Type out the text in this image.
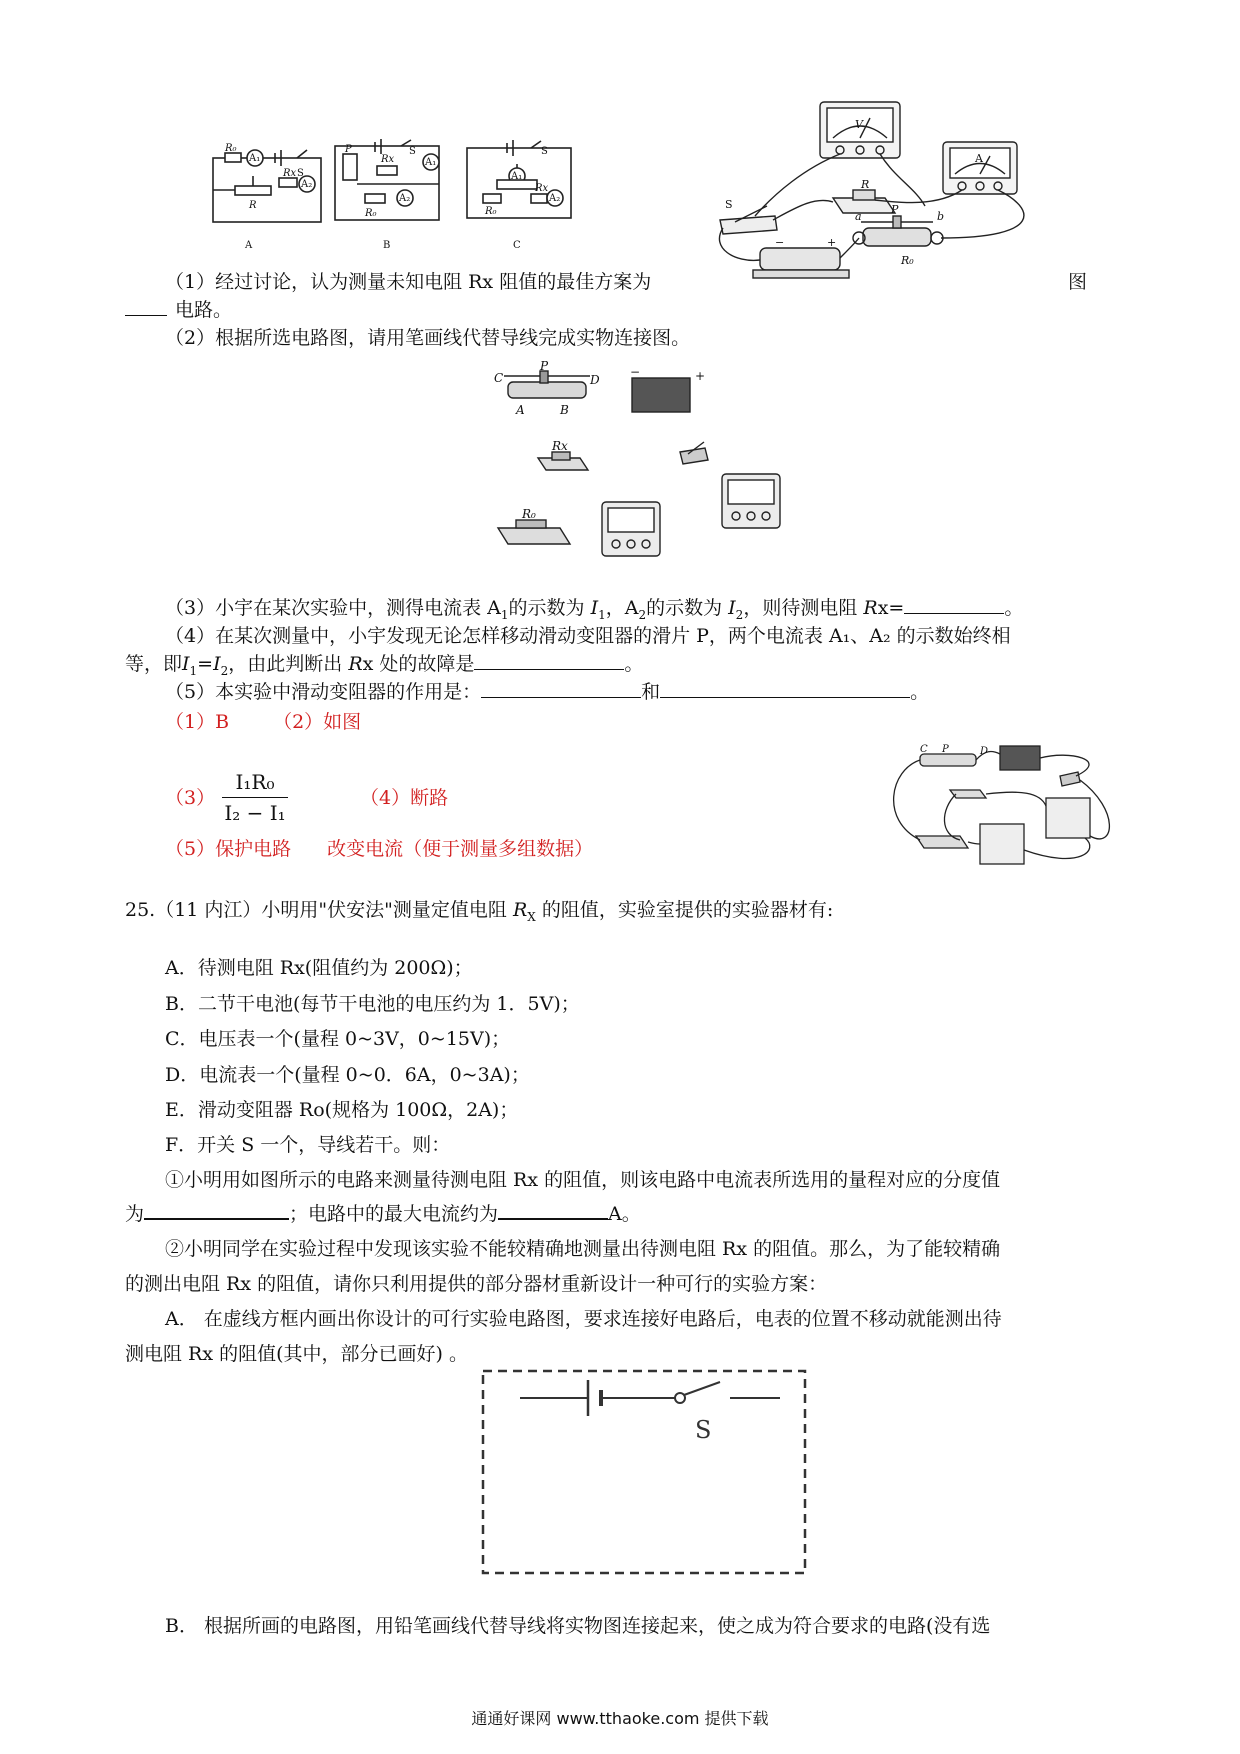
A	B	C
S
R₀
A₁
Rx
R
A₂
P	S
Rx	A₁
A₂
R₀
S
A₁
R₀
Rx
A₂
V
A
R
S
−	+
P
a	b
R₀
（1）经过讨论，认为测量未知电阻 Rx 阻值的最佳方案为	图
电路。
（2）根据所选电路图，请用笔画线代替导线完成实物连接图。
C
P
D
A	B
−	+
Rx
R₀
（3）小宇在某次实验中，测得电流表 $A_1$的示数为 $I_1$，$A_2$的示数为 $I_2$，则待测电阻 Rx=	。
（4）在某次测量中，小宇发现无论怎样移动滑动变阻器的滑片 P，两个电流表 A₁、A₂ 的示数始终相
等，即$I_1=I_2$，由此判断出 Rx 处的故障是	。
（5）本实验中滑动变阻器的作用是：	和	。
（1）B （2）如图
$(3) \frac{\text{I₁R₀}}{\text{I₂ − I₁}}$	（4）断路
（5）保护电路 改变电流（便于测量多组数据）
C P	D
25.（11 内江）小明用"伏安法"测量定值电阻 $R_X$ 的阻值，实验室提供的实验器材有:
A．待测电阻 Rx(阻值约为 200Ω)；
B．二节干电池(每节干电池的电压约为 1．5V)；
C．电压表一个(量程 0~3V，0~15V)；
D．电流表一个(量程 0~0．6A，0~3A)；
E．滑动变阻器 Ro(规格为 100Ω，2A)；
F．开关 S 一个，导线若干。则：
①小明用如图所示的电路来测量待测电阻 Rx 的阻值，则该电路中电流表所选用的量程对应的分度值
为	；电路中的最大电流约为	A。
②小明同学在实验过程中发现该实验不能较精确地测量出待测电阻 Rx 的阻值。那么，为了能较精确
的测出电阻 Rx 的阻值，请你只利用提供的部分器材重新设计一种可行的实验方案：
A． 在虚线方框内画出你设计的可行实验电路图，要求连接好电路后，电表的位置不移动就能测出待
测电阻 Rx 的阻值(其中，部分已画好) 。
S
B． 根据所画的电路图，用铅笔画线代替导线将实物图连接起来，使之成为符合要求的电路(没有选
通通好课网 www.tthaoke.com 提供下载
